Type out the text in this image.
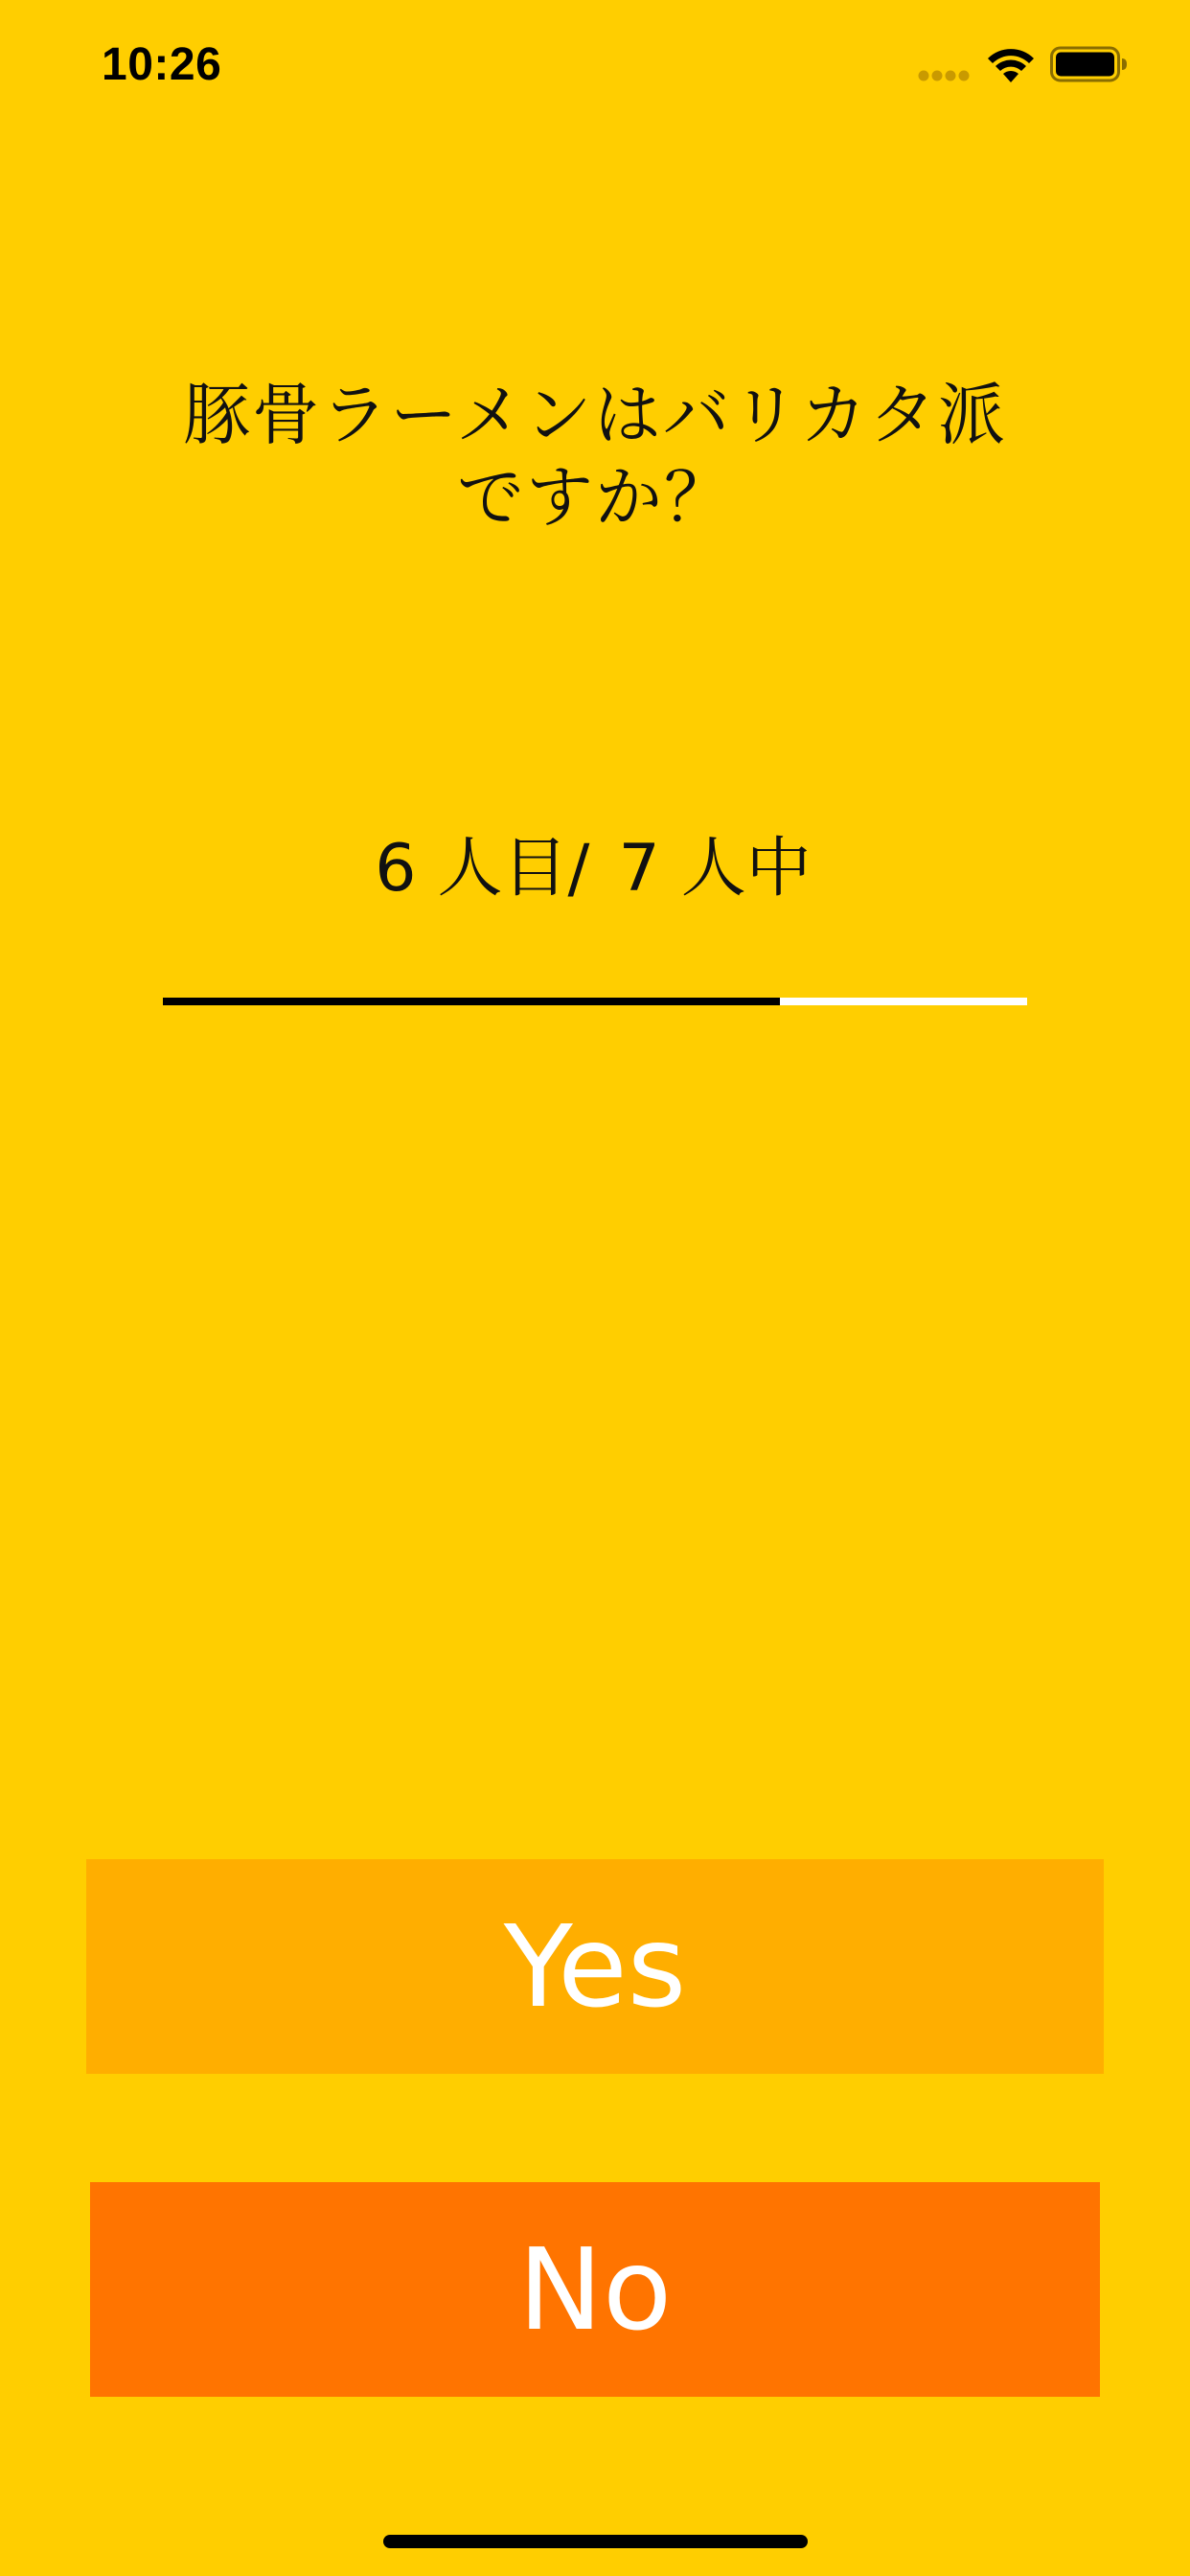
10:26
豚骨ラーメンはバリカタ派
ですか？
6 人目/ 7 人中
Yes
No
